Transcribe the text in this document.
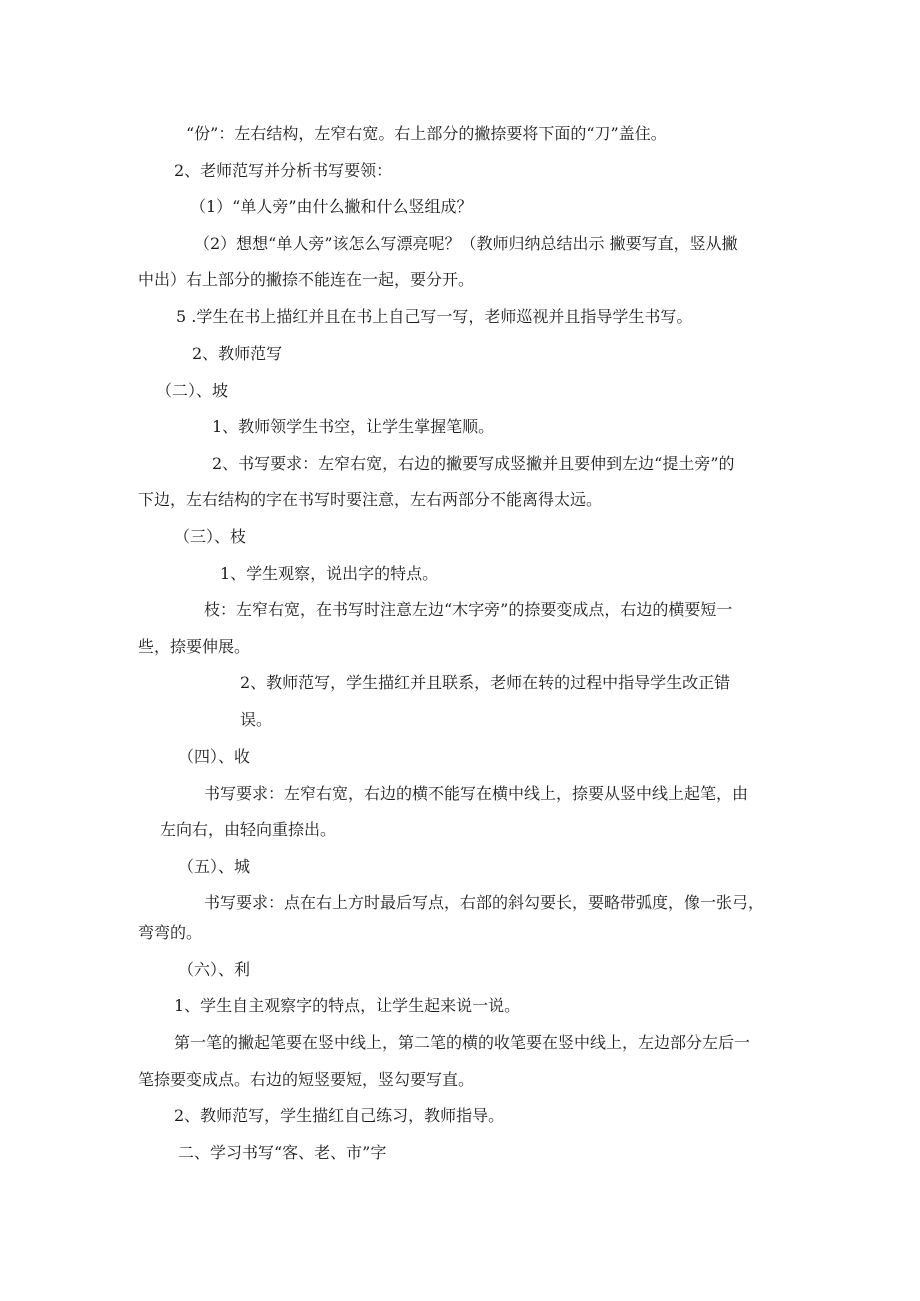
“份”：左右结构，左窄右宽。右上部分的撇捺要将下面的“刀”盖住。

2、老师范写并分析书写要领：

（1）“单人旁”由什么撇和什么竖组成？

（2）想想“单人旁”该怎么写漂亮呢？（教师归纳总结出示 撇要写直，竖从撇

中出）右上部分的撇捺不能连在一起，要分开。

5 .学生在书上描红并且在书上自己写一写，老师巡视并且指导学生书写。

2、教师范写

（二）、坡

1、教师领学生书空，让学生掌握笔顺。

2、书写要求：左窄右宽，右边的撇要写成竖撇并且要伸到左边“提土旁”的

下边，左右结构的字在书写时要注意，左右两部分不能离得太远。

（三）、枝

1、学生观察，说出字的特点。

枝：左窄右宽，在书写时注意左边“木字旁”的捺要变成点，右边的横要短一

些，捺要伸展。

2、教师范写，学生描红并且联系，老师在转的过程中指导学生改正错

误。

（四）、收

书写要求：左窄右宽，右边的横不能写在横中线上，捺要从竖中线上起笔，由

左向右，由轻向重捺出。

（五）、城

书写要求：点在右上方时最后写点，右部的斜勾要长，要略带弧度，像一张弓，

弯弯的。

（六）、利

1、学生自主观察字的特点，让学生起来说一说。

第一笔的撇起笔要在竖中线上，第二笔的横的收笔要在竖中线上，左边部分左后一

笔捺要变成点。右边的短竖要短，竖勾要写直。

2、教师范写，学生描红自己练习，教师指导。

二、学习书写“客、老、市”字
